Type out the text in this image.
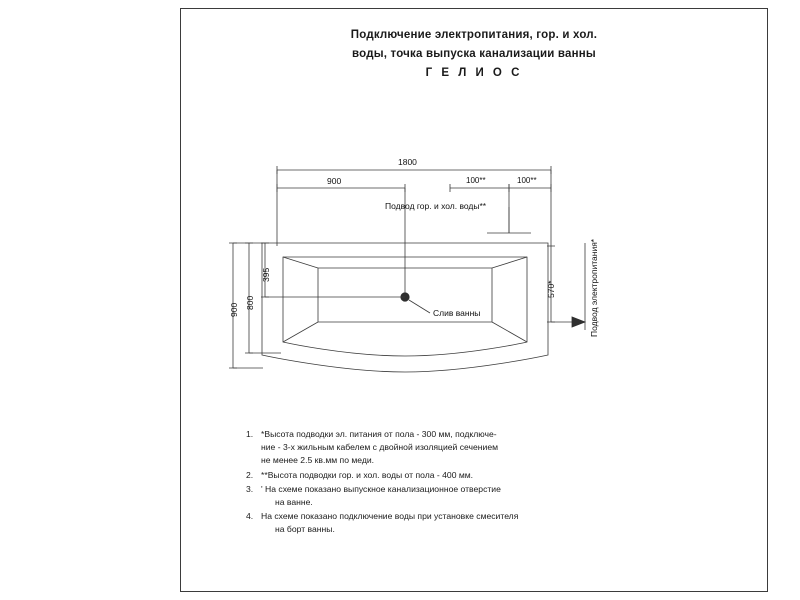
Подключение электропитания, гор. и хол.
воды, точка выпуска канализации ванны
Г Е Л И О С
1800
900	100**	100**
900 800
395
570*
Подвод гор. и хол. воды**
Слив ванны	Подвод электропитания*
1. *Высота подводки эл. питания от пола - 300 мм, подключе-
ние - 3-х жильным кабелем с двойной изоляцией сечением
не менее 2.5 кв.мм по меди.
2. **Высота подводки гор. и хол. воды от пола - 400 мм.
3. ' На схеме показано выпускное канализационное отверстие
на ванне.
4. На схеме показано подключение воды при установке смесителя
на борт ванны.
